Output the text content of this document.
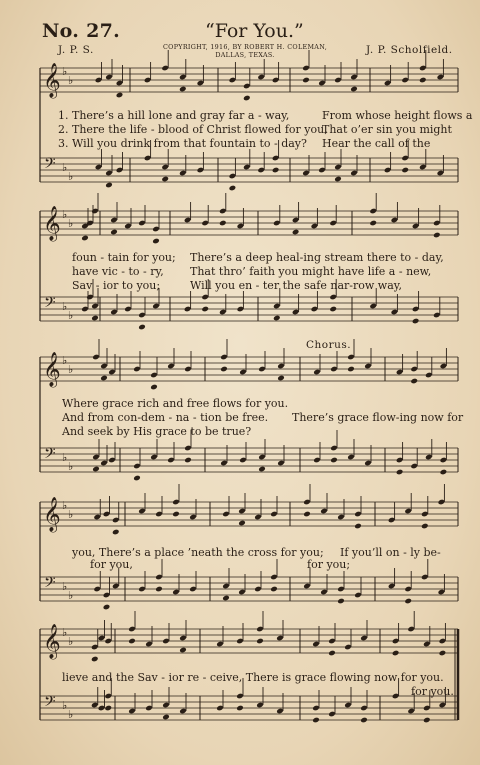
No. 27.	“For You.”
J. P. S.	COPYRIGHT, 1916, BY ROBERT H. COLEMAN,
DALLAS, TEXAS.	J. P. Scholfield.
𝄞 ♭
♭
𝄢 ♭
♭
𝄞 ♭
♭
𝄢 ♭
♭
𝄞 ♭
♭
𝄢 ♭
♭
𝄞 ♭
♭
𝄢 ♭
♭
𝄞 ♭
♭
𝄢 ♭
♭
1. There’s a hill lone and gray far a - way,	From whose height flows a
2. There the life - blood of Christ flowed for you,
That o’er sin you might
3. Will you drink from that fountain to - day? Hear the call of the
foun - tain for you; There’s a deep heal-ing stream there to - day,
have vic - to - ry, That thro’ faith you might have life a - new,
Sav - ior to you;	Will you en - ter the safe nar-row way,
Chorus.
Where grace rich and free flows for you.
And from con-dem - na - tion be free. There’s grace flow-ing now for
And seek by His grace to be true?
you, There’s a place ’neath the cross for you; If you’ll on - ly be-
for you,	for you;
lieve and the Sav - ior re - ceive, There is grace flowing now for you.
for you.
